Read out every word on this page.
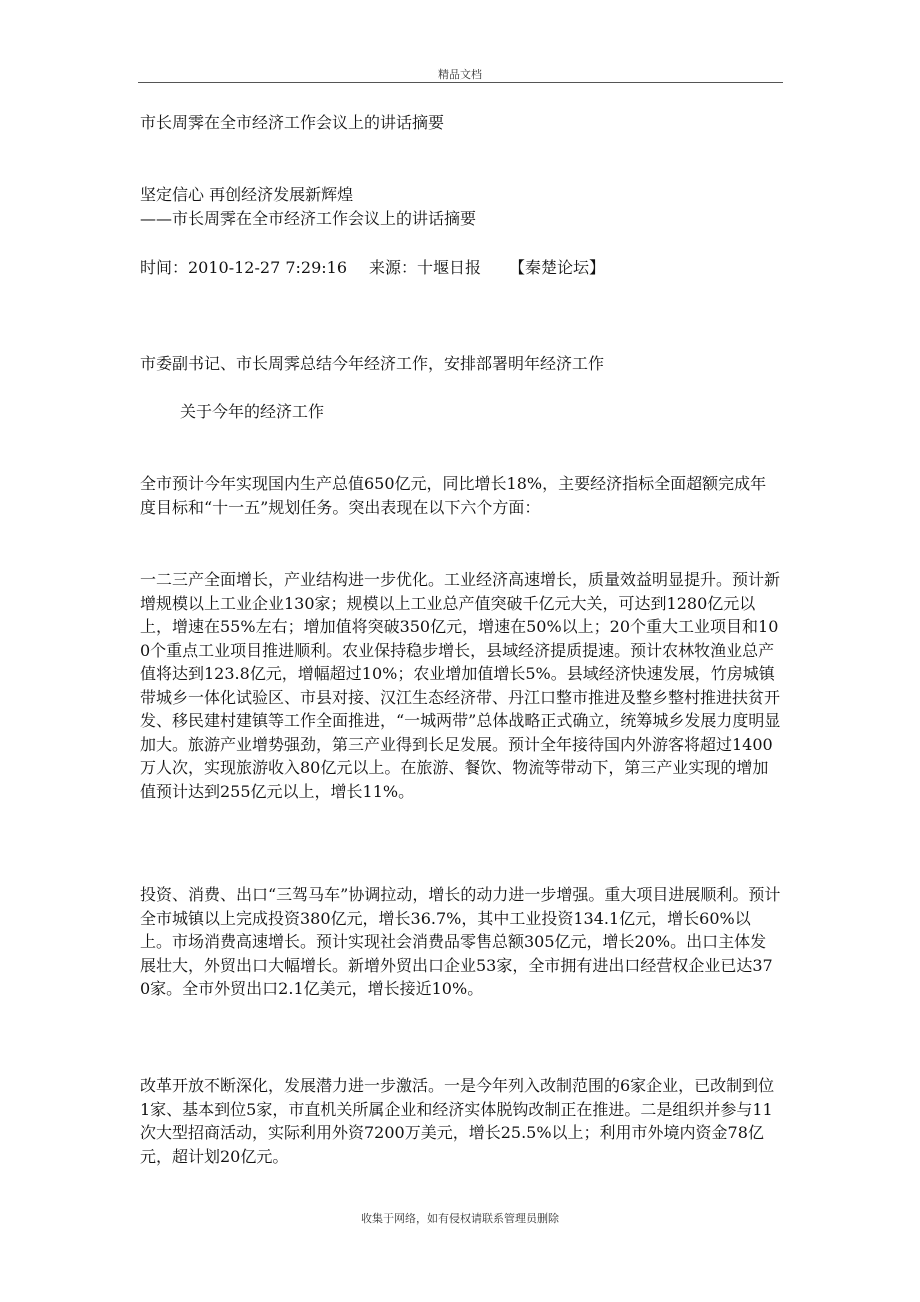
精品文档
市长周霁在全市经济工作会议上的讲话摘要
坚定信心 再创经济发展新辉煌
——市长周霁在全市经济工作会议上的讲话摘要
时间：2010-12-27 7:29:16 来源：十堰日报 【秦楚论坛】
市委副书记、市长周霁总结今年经济工作，安排部署明年经济工作
关于今年的经济工作

全市预计今年实现国内生产总值650亿元，同比增长18%，主要经济指标全面超额完成年度目标和“十一五”规划任务。突出表现在以下六个方面：

一二三产全面增长，产业结构进一步优化。工业经济高速增长，质量效益明显提升。预计新增规模以上工业企业130家；规模以上工业总产值突破千亿元大关，可达到1280亿元以上，增速在55%左右；增加值将突破350亿元，增速在50%以上；20个重大工业项目和100个重点工业项目推进顺利。农业保持稳步增长，县域经济提质提速。预计农林牧渔业总产值将达到123.8亿元，增幅超过10%；农业增加值增长5%。县域经济快速发展，竹房城镇带城乡一体化试验区、市县对接、汉江生态经济带、丹江口整市推进及整乡整村推进扶贫开发、移民建村建镇等工作全面推进，“一城两带”总体战略正式确立，统筹城乡发展力度明显加大。旅游产业增势强劲，第三产业得到长足发展。预计全年接待国内外游客将超过1400万人次，实现旅游收入80亿元以上。在旅游、餐饮、物流等带动下，第三产业实现的增加值预计达到255亿元以上，增长11%。

投资、消费、出口“三驾马车”协调拉动，增长的动力进一步增强。重大项目进展顺利。预计全市城镇以上完成投资380亿元，增长36.7%，其中工业投资134.1亿元，增长60%以上。市场消费高速增长。预计实现社会消费品零售总额305亿元，增长20%。出口主体发展壮大，外贸出口大幅增长。新增外贸出口企业53家，全市拥有进出口经营权企业已达370家。全市外贸出口2.1亿美元，增长接近10%。

改革开放不断深化，发展潜力进一步激活。一是今年列入改制范围的6家企业，已改制到位1家、基本到位5家，市直机关所属企业和经济实体脱钩改制正在推进。二是组织并参与11次大型招商活动，实际利用外资7200万美元，增长25.5%以上；利用市外境内资金78亿元，超计划20亿元。

收集于网络，如有侵权请联系管理员删除
